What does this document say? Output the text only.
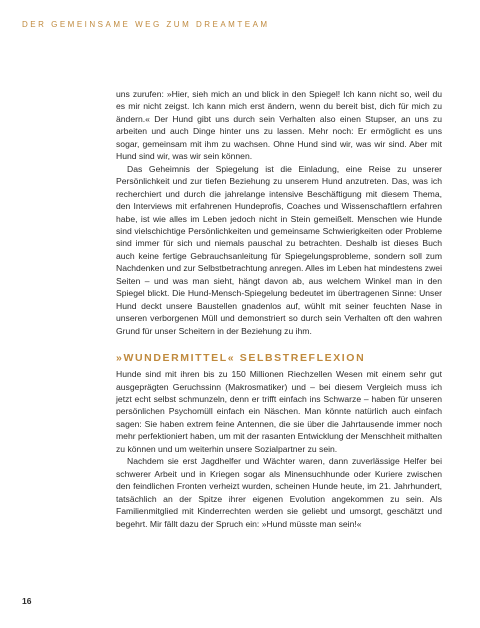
DER GEMEINSAME WEG ZUM DREAMTEAM

uns zurufen: »Hier, sieh mich an und blick in den Spiegel! Ich kann nicht so, weil du es mir nicht zeigst. Ich kann mich erst ändern, wenn du bereit bist, dich für mich zu ändern.« Der Hund gibt uns durch sein Verhalten also einen Stupser, an uns zu arbeiten und auch Dinge hinter uns zu lassen. Mehr noch: Er ermöglicht es uns sogar, gemeinsam mit ihm zu wachsen. Ohne Hund sind wir, was wir sind. Aber mit Hund sind wir, was wir sein können.

Das Geheimnis der Spiegelung ist die Einladung, eine Reise zu unserer Persönlichkeit und zur tiefen Beziehung zu unserem Hund anzutreten. Das, was ich recherchiert und durch die jahrelange intensive Beschäftigung mit diesem Thema, den Interviews mit erfahrenen Hundeprofis, Coaches und Wissenschaftlern erfahren habe, ist wie alles im Leben jedoch nicht in Stein gemeißelt. Menschen wie Hunde sind vielschichtige Persönlichkeiten und gemeinsame Schwierigkeiten oder Probleme sind immer für sich und niemals pauschal zu betrachten. Deshalb ist dieses Buch auch keine fertige Gebrauchsanleitung für Spiegelungsprobleme, sondern soll zum Nachdenken und zur Selbstbetrachtung anregen. Alles im Leben hat mindestens zwei Seiten – und was man sieht, hängt davon ab, aus welchem Winkel man in den Spiegel blickt. Die Hund-Mensch-Spiegelung bedeutet im übertragenen Sinne: Unser Hund deckt unsere Baustellen gnadenlos auf, wühlt mit seiner feuchten Nase in unseren verborgenen Müll und demonstriert so durch sein Verhalten oft den wahren Grund für unser Scheitern in der Beziehung zu ihm.

»WUNDERMITTEL« SELBSTREFLEXION

Hunde sind mit ihren bis zu 150 Millionen Riechzellen Wesen mit einem sehr gut ausgeprägten Geruchssinn (Makrosmatiker) und – bei diesem Vergleich muss ich jetzt echt selbst schmunzeln, denn er trifft einfach ins Schwarze – haben für unseren persönlichen Psychomüll einfach ein Näschen. Man könnte natürlich auch einfach sagen: Sie haben extrem feine Antennen, die sie über die Jahrtausende immer noch mehr perfektioniert haben, um mit der rasanten Entwicklung der Menschheit mithalten zu können und um weiterhin unsere Sozialpartner zu sein.

Nachdem sie erst Jagdhelfer und Wächter waren, dann zuverlässige Helfer bei schwerer Arbeit und in Kriegen sogar als Minensuchhunde oder Kuriere zwischen den feindlichen Fronten verheizt wurden, scheinen Hunde heute, im 21. Jahrhundert, tatsächlich an der Spitze ihrer eigenen Evolution angekommen zu sein. Als Familienmitglied mit Kinderrechten werden sie geliebt und umsorgt, geschätzt und begehrt. Mir fällt dazu der Spruch ein: »Hund müsste man sein!«

16
